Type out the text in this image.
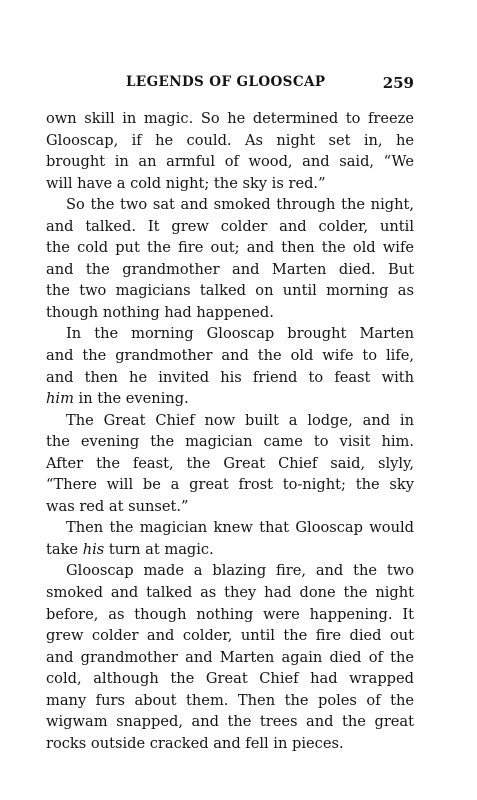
LEGENDS OF GLOOSCAP	259

own skill in magic. So he determined to freeze
Glooscap, if he could. As night set in, he
brought in an armful of wood, and said, “We
will have a cold night; the sky is red.”

So the two sat and smoked through the night,
and talked. It grew colder and colder, until
the cold put the fire out; and then the old wife
and the grandmother and Marten died. But
the two magicians talked on until morning as
though nothing had happened.

In the morning Glooscap brought Marten
and the grandmother and the old wife to life,
and then he invited his friend to feast with
him in the evening.

The Great Chief now built a lodge, and in
the evening the magician came to visit him.
After the feast, the Great Chief said, slyly,
“There will be a great frost to-night; the sky
was red at sunset.”

Then the magician knew that Glooscap would
take his turn at magic.

Glooscap made a blazing fire, and the two
smoked and talked as they had done the night
before, as though nothing were happening. It
grew colder and colder, until the fire died out
and grandmother and Marten again died of the
cold, although the Great Chief had wrapped
many furs about them. Then the poles of the
wigwam snapped, and the trees and the great
rocks outside cracked and fell in pieces.
